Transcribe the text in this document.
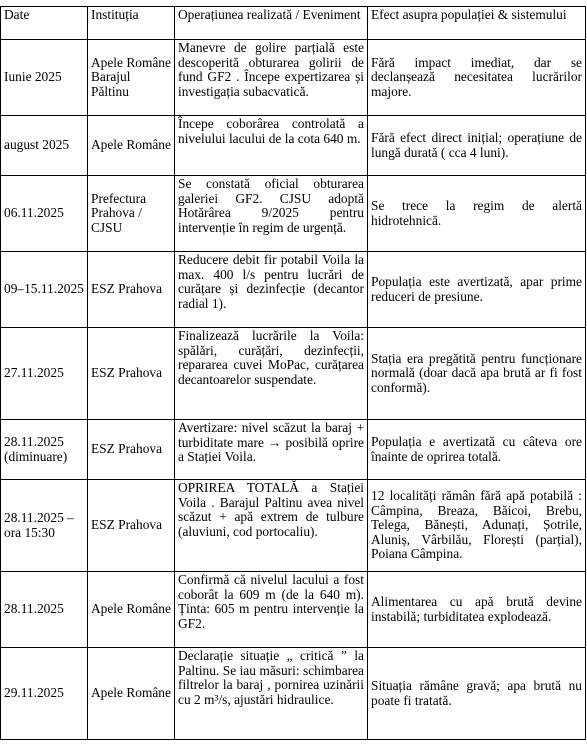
Date	Instituția	Operațiunea realizată / Eveniment	Efect asupra populației & sistemului
Iunie 2025	Apele Române Barajul Păltinu	Manevre de golire parțială este descoperită obturarea golirii de fund GF2 . Începe expertizarea și investigația subacvatică.	Fără impact imediat, dar se declanșează necesitatea lucrărilor majore.
august 2025	Apele Române	Începe coborârea controlată a nivelului lacului de la cota 640 m.	Fără efect direct inițial; operațiune de lungă durată ( cca 4 luni).
06.11.2025	Prefectura Prahova / CJSU	Se constată oficial obturarea galeriei GF2. CJSU adoptă Hotărârea 9/2025 pentru intervenție în regim de urgență.	Se trece la regim de alertă hidrotehnică.
09–15.11.2025	ESZ Prahova	Reducere debit fir potabil Voila la max. 400 l/s pentru lucrări de curățare și dezinfecție (decantor radial 1).	Populația este avertizată, apar prime reduceri de presiune.
27.11.2025	ESZ Prahova	Finalizează lucrările la Voila: spălări, curățări, dezinfecții, repararea cuvei MoPac, curățarea decantoarelor suspendate.	Stația era pregătită pentru funcționare normală (doar dacă apa brută ar fi fost conformă).
28.11.2025 (diminuare)	ESZ Prahova	Avertizare: nivel scăzut la baraj + turbiditate mare → posibilă oprire a Stației Voila.	Populația e avertizată cu câteva ore înainte de oprirea totală.
28.11.2025 – ora 15:30	ESZ Prahova	OPRIREA TOTALĂ a Stației Voila . Barajul Paltinu avea nivel scăzut + apă extrem de tulbure (aluviuni, cod portocaliu).	12 localități rămân fără apă potabilă : Câmpina, Breaza, Băicoi, Brebu, Telega, Bănești, Adunați, Șotrile, Aluniș, Vârbilău, Florești (parțial), Poiana Câmpina.
28.11.2025	Apele Române	Confirmă că nivelul lacului a fost coborât la 609 m (de la 640 m). Ținta: 605 m pentru intervenție la GF2.	Alimentarea cu apă brută devine instabilă; turbiditatea explodează.
29.11.2025	Apele Române	Declarație situație „ critică ” la Paltinu. Se iau măsuri: schimbarea filtrelor la baraj , pornirea uzinării cu 2 m³/s, ajustări hidraulice.	Situația rămâne gravă; apa brută nu poate fi tratată.
